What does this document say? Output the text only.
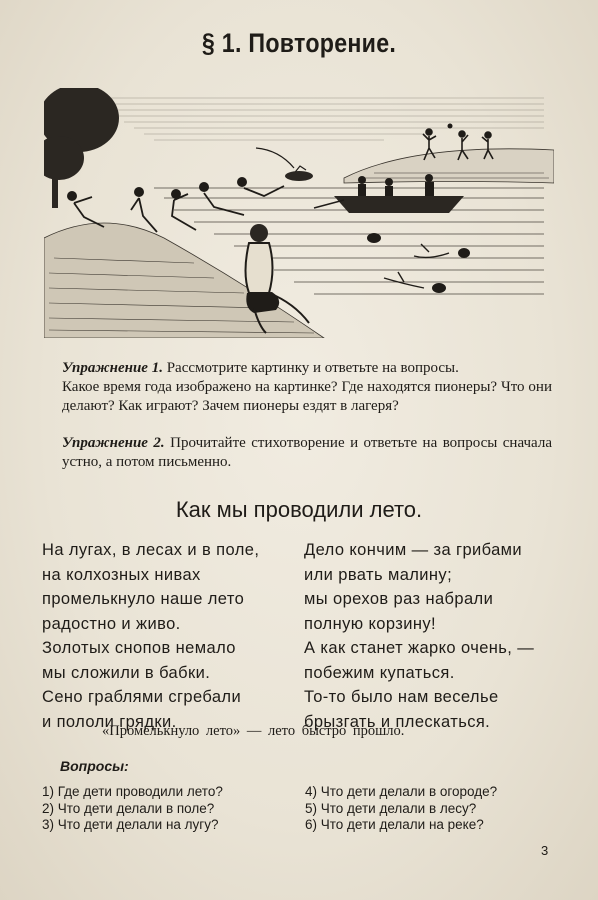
§ 1. Повторение.

Упражнение 1. Рассмотрите картинку и ответьте на вопросы.

Какое время года изображено на картинке? Где находятся пионеры? Что они делают? Как играют? Зачем пионеры ездят в лагеря?

Упражнение 2. Прочитайте стихотворение и ответьте на вопросы сначала устно, а потом письменно.

Как мы проводили лето.
На лугах, в лесах и в поле,
на колхозных нивах
промелькнуло наше лето
радостно и живо.
Золотых снопов немало
мы сложили в бабки.
Сено граблями сгребали
и пололи грядки.
Дело кончим — за грибами
или рвать малину;
мы орехов раз набрали
полную корзину!
А как станет жарко очень, —
побежим купаться.
То-то было нам веселье
брызгать и плескаться.
«Промелькнуло лето» — лето быстро прошло.
Вопросы:
1) Где дети проводили лето?
2) Что дети делали в поле?
3) Что дети делали на лугу?
4) Что дети делали в огороде?
5) Что дети делали в лесу?
6) Что дети делали на реке?
3
